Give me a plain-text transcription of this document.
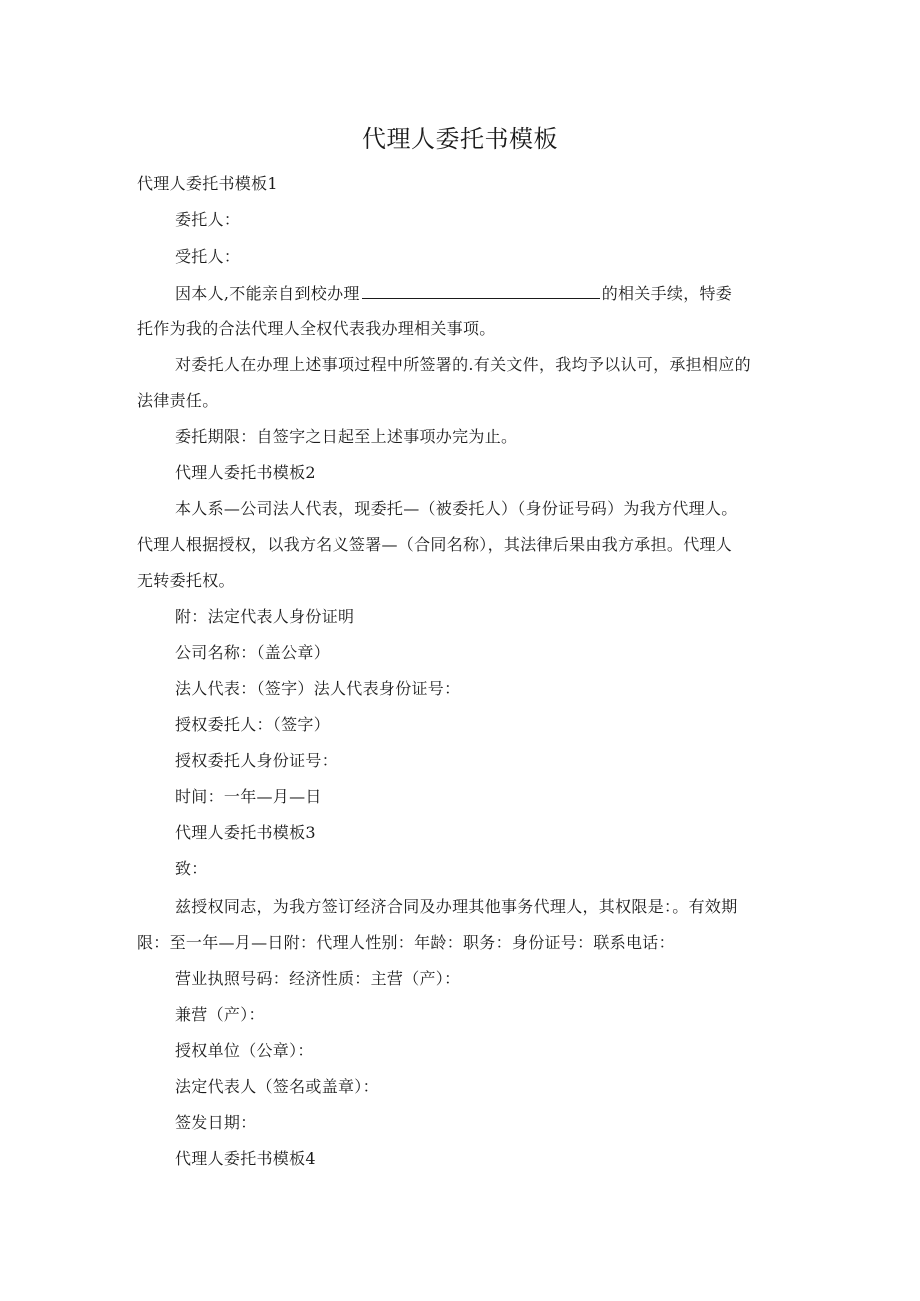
代理人委托书模板

代理人委托书模板1

委托人：

受托人：

因本人,不能亲自到校办理	的相关手续，特委

托作为我的合法代理人全权代表我办理相关事项。

对委托人在办理上述事项过程中所签署的.有关文件，我均予以认可，承担相应的

法律责任。

委托期限：自签字之日起至上述事项办完为止。

代理人委托书模板2

本人系—公司法人代表，现委托—（被委托人）（身份证号码）为我方代理人。

代理人根据授权，以我方名义签署—（合同名称），其法律后果由我方承担。代理人

无转委托权。

附：法定代表人身份证明

公司名称：（盖公章）

法人代表：（签字）法人代表身份证号：

授权委托人：（签字）

授权委托人身份证号：

时间：一年—月—日

代理人委托书模板3

致：

兹授权同志，为我方签订经济合同及办理其他事务代理人，其权限是：。有效期

限：至一年—月—日附：代理人性别：年龄：职务：身份证号：联系电话：

营业执照号码：经济性质：主营（产）：

兼营（产）：

授权单位（公章）：

法定代表人（签名或盖章）：

签发日期：

代理人委托书模板4
